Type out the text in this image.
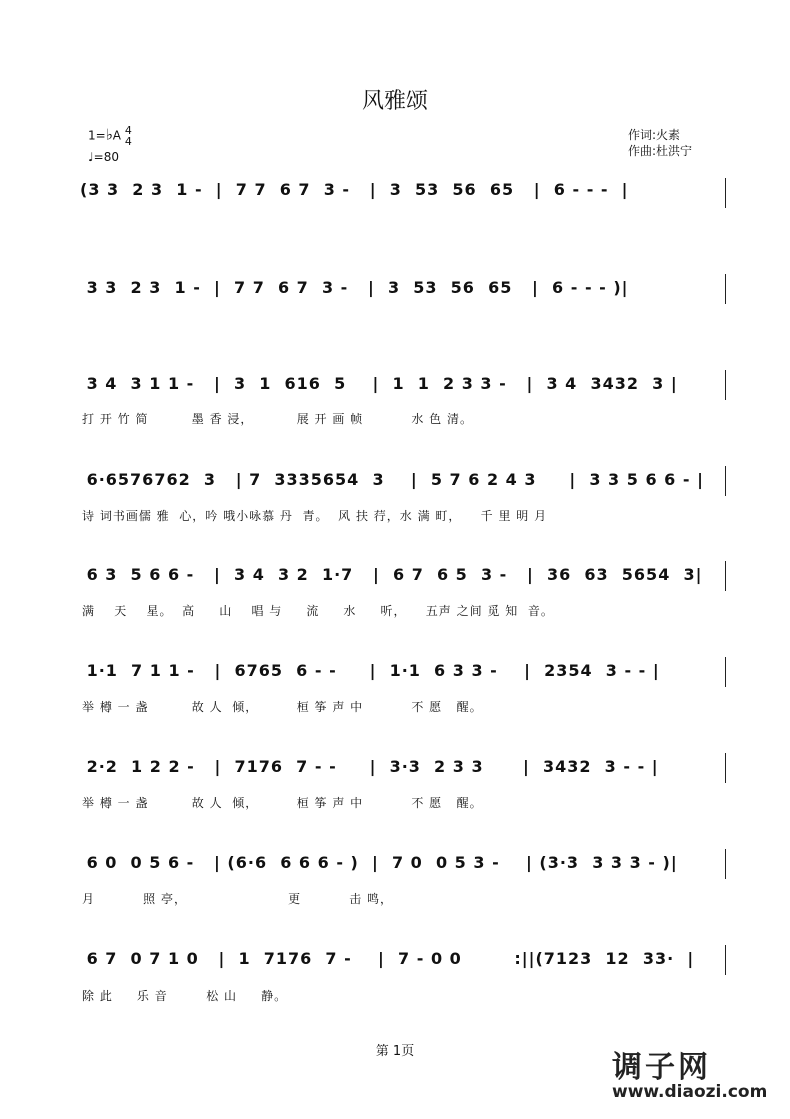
风雅颂
1=♭A 4
4
♩=80
作词:火素
作曲:杜洪宁
(3 3  2 3  1 -  |  7 7  6 7  3 -   |  3  53  56  65   |  6 - - -  |
3 3  2 3  1 -  |  7 7  6 7  3 -   |  3  53  56  65   |  6 - - - )|
3 4  3 1 1 -   |  3  1  616  5    |  1  1  2 3 3 -   |  3 4  3432  3 |
打 开 竹 简         墨 香 浸，         展 开 画 帧          水 色 清。
6·6576762  3   | 7  3335654  3    |  5 7 6 2 4 3     |  3 3 5 6 6 - |
诗 词书画儒 雅  心，吟 哦小咏慕 丹  青。  风 扶 荇，水 满 町，    千 里 明 月
6 3  5 6 6 -   |  3 4  3 2  1·7   |  6 7  6 5  3 -   |  36  63  5654  3|
满    天    星。  高     山    唱 与     流     水     听，    五声 之间 觅 知  音。
1·1  7 1 1 -   |  6765  6 - -     |  1·1  6 3 3 -    |  2354  3 - - |
举 樽 一 盏         故 人  倾，        桓 筝 声 中          不 愿   醒。
2·2  1 2 2 -   |  7176  7 - -     |  3·3  2 3 3      |  3432  3 - - |
举 樽 一 盏         故 人  倾，        桓 筝 声 中          不 愿   醒。
6 0  0 5 6 -   | (6·6  6 6 6 - )  |  7 0  0 5 3 -    | (3·3  3 3 3 - )|
月          照 亭，                     更          击 鸣，
6 7  0 7 1 0   |  1  7176  7 -    |  7 - 0 0        :||(7123  12  33·  |
除 此     乐 音        松 山     静。
第 1页	调子网
www.diaozi.com
